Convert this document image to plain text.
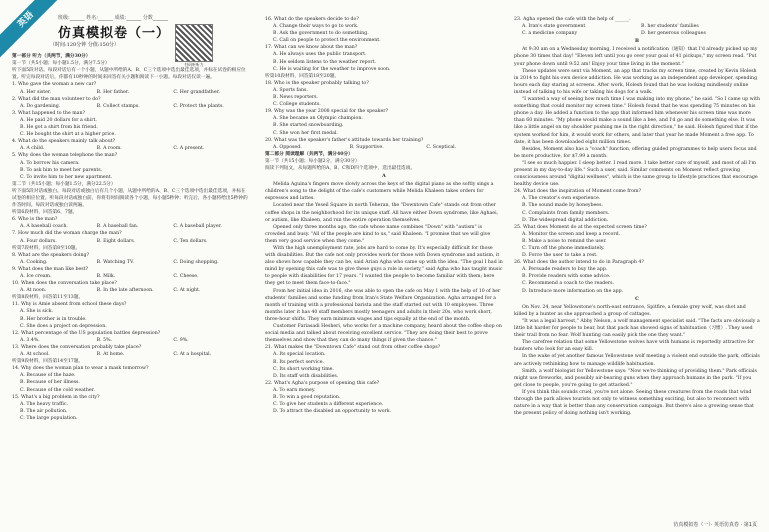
英语	班级:______ 姓名:______ 成绩:______ 分数______
仿真模拟卷（一）
（时间:120分钟 分值:150分）

第一部分 听力（共两节，满分30分）

第一节（共5小题；每小题1.5分，满分7.5分）

听下面5段对话。每段对话后有一个小题，从题中所给的A、B、C三个选项中选出最佳选项，并标在试卷的相应位置。听完每段对话后，你都有10秒钟的时间来回答有关小题和阅读下一小题。每段对话仅读一遍。

1. Who gave the woman a new car?

A. Her sister.	B. Her father.	C. Her grandfather.

2. What did the man volunteer to do?

A. Do gardening.	B. Collect stamps.	C. Protect the plants.

3. What happened to the man?

A. He paid 20 dollars for a shirt.

B. He got a shirt from his friend.

C. He bought the shirt at a higher price.

4. What do the speakers mainly talk about?

A. A child.	B. A room.	C. A present.

5. Why does the woman telephone the man?

A. To borrow his camera.

B. To ask him to meet her parents.

C. To invite him to her new apartment.

第二节（共15小题；每小题1.5分，满分22.5分）

听下面5段对话或独白。每段对话或独白后有几个小题，从题中所给的A、B、C三个选项中选出最佳选项，并标在试卷的相应位置。听每段对话或独白前，你将有时间阅读各个小题，每小题5秒钟；听完后，各小题将给出5秒钟的作答时间。每段对话或独白读两遍。

听第6段材料，回答第6、7题。

6. Who is the man?

A. A baseball coach.	B. A baseball fan.	C. A baseball player.

7. How much did the woman charge the man?

A. Four dollars.	B. Eight dollars.	C. Ten dollars.

听第7段材料，回答第8至10题。

8. What are the speakers doing?

A. Cooking.	B. Watching TV.	C. Doing shopping.

9. What does the man like best?

A. Ice cream.	B. Milk.	C. Cheese.

10. When does the conversation take place?

A. At noon.	B. In the late afternoon.	C. At night.

听第8段材料，回答第11至13题。

11. Why is Amie absent from school these days?

A. She is sick.

B. Her brother is in trouble.

C. She does a project on depression.

12. What percentage of the US population battles depression?

A. 3.4%.	B. 5%.	C. 9%.

13. Where does the conversation probably take place?

A. At school.	B. At home.	C. At a hospital.

听第9段材料，回答第14至17题。

14. Why does the woman plan to wear a mask tomorrow?

A. Because of the haze.

B. Because of her illness.

C. Because of the cold weather.

15. What's a big problem in the city?

A. The heavy traffic.

B. The air pollution.

C. The large population.

扫码听听力

16. What do the speakers decide to do?

A. Change their ways to go to work.

B. Ask the government to do something.

C. Call on people to protect the environment.

17. What can we know about the man?

A. He always uses the public transport.

B. He seldom listens to the weather report.

C. He is waiting for the weather to improve soon.

听第10段材料，回答第18至20题。

18. Who is the speaker probably talking to?

A. Sports fans.

B. News reporters.

C. College students.

19. Why was the year 2008 special for the speaker?

A. She became an Olympic champion.

B. She started snowboarding.

C. She won her first medal.

20. What was the speaker's father's attitude towards her training?

A. Opposed.	B. Supportive.	C. Sceptical.

第二部分 阅读理解（共两节，满分40分）

第一节（共15小题；每小题2分，满分30分）

阅读下列短文，从每题所给的A、B、C和D四个选项中，选出最佳选项。

A

Melida Aguina's fingers move slowly across the keys of the digital piano as she softly sings a children's song to the delight of the cafe's customers while Melida Khaleen takes orders for espressos and lattes.

Located near the Yeseil Square in north Teheran, the "Downtown Cafe" stands out from other coffee shops in the neighborhood for its unique staff. All have either Down syndrome, like Aghaei, or autism, like Khaleen, and run the entire operation themselves.

Opened only three months ago, the cafe whose name combines "Down" with "autism" is crowded and busy. "All of the people are kind to us," said Khaleen. "I promise that we will give them very good service when they come."

With the high unemployment rate, jobs are hard to come by. It's especially difficult for those with disabilities. But the cafe not only provides work for those with Down syndrome and autism, it also shows how capable they can be, said Arian Agha who came up with the idea. "The goal I had in mind by opening this cafe was to give these guys a role in society," said Agha who has taught music to people with disabilities for 17 years. "I wanted the people to become familiar with them; here they get to meet them face-to-face."

From her initial idea in 2016, she was able to open the cafe on May 1 with the help of 10 of her students' families and some funding from Iran's State Welfare Organization. Agha arranged for a month of training with a professional barista and the staff started out with 10 employees. Three months later it has 40 staff members mostly teenagers and adults in their 20s, who work short, three-hour shifts. They earn minimum wages and tips equally at the end of the month.

Customer Fariasadi Hesheri, who works for a machine company, heard about the coffee shop on social media and talked about receiving excellent service. "They are doing their best to prove themselves and show that they can do many things if given the chance."

21. What makes the "Downtown Cafe" stand out from other coffee shops?

A. Its special location.

B. Its perfect service.

C. Its short working time.

D. Its staff with disabilities.

22. What's Agha's purpose of opening this cafe?

A. To earn money.

B. To win a good reputation.

C. To give her students a different experience.

D. To attract the disabled an opportunity to work.

23. Agha opened the cafe with the help of ______.

A. Iran's state government	B. her students' families
C. a medicine company	D. her generous colleagues

B

At 9:30 am on a Wednesday morning, I received a notification（通知）that I'd already picked up my phone 30 times that day! "Eleven left until you go over your goal of 41 pickups," my screen read. "Put your phone down until 9:52 am! Enjoy your time living in the moment."

These updates were sent via Moment, an app that tracks my screen time, created by Kevin Holesh in 2014 to fight his own device addiction. He was working as an independent app developer, spending hours each day staring at screens. After work, Holesh found that he was looking mindlessly online instead of talking to his wife or taking his dogs for a walk.

"I wanted a way of seeing how much time I was making into my phone," he said. "So I came up with something that could monitor my screen time." Holesh found that he was spending 75 minutes on his phone a day. He added a function to the app that informed him whenever his screen time was more than 60 minutes. "My phone would make a sound like a bee, and I'd go and do something else. It was like a little angel on my shoulder pushing me in the right direction," he said. Holesh figured that if the system worked for him, it would work for others, and later that year he made Moment a free app. To date, it has been downloaded eight million times.

Besides, Moment also has a "coach" function, offering guided programmes to help users focus and be more productive, for $7.99 a month.

"I see so much happier. I sleep better. I read more. I take better care of myself, and most of all I'm present in my day-to-day life." Such a user, said. Similar comments on Moment reflect growing consciousness around "digital wellness", which is the same group to lifestyle practices that encourage healthy device use.

24. What does the inspiration of Moment come from?

A. The creator's own experience.

B. The sound made by honeybees.

C. Complaints from family members.

D. The widespread digital addiction.

25. What does Moment do at the expected screen time?

A. Monitor the screen and keep a record.

B. Make a noise to remind the user.

C. Turn off the phone immediately.

D. Force the user to take a rest.

26. What does the author intend to do in Paragraph 4?

A. Persuade readers to buy the app.

B. Provide readers with some advice.

C. Recommend a coach to the readers.

D. Introduce more information on the app.

C

On Nov. 24, near Yellowstone's north-east entrance, Spitfire, a female grey wolf, was shot and killed by a hunter as she approached a group of cattages.

"It was a legal harvest," Abby Nelson, a wolf management specialist said. "The facts are obviously a little bit harder for people to bear, but that pack has showed signs of habituation（习惯）. They used their trail from no fear. Wolf hunting can easily pick the one they want."

The carefree relation that some Yellowstone wolves have with humans is reportedly attractive for hunters who look for an easy kill.

In the wake of yet another famous Yellowstone wolf meeting a violent end outside the park, officials are actively rethinking how to manage wildlife habituation.

Smith, a wolf biologist for Yellowstone says: "Now we're thinking of providing them." Park officials might use fireworks, and possibly air-bearing guns when they approach humans in the park. "If you get close to people, you're going to get attacked."

If you think this sounds cruel, you're not alone. Seeing these creatures from the roads that wind through the park allows tourists not only to witness something exciting, but also to reconnect with nature in a way that is better than any conservation campaign. But there's also a growing sense that the present policy of doing nothing isn't working.

仿真模拟卷（一）· 英语仿真卷 · 第1页
